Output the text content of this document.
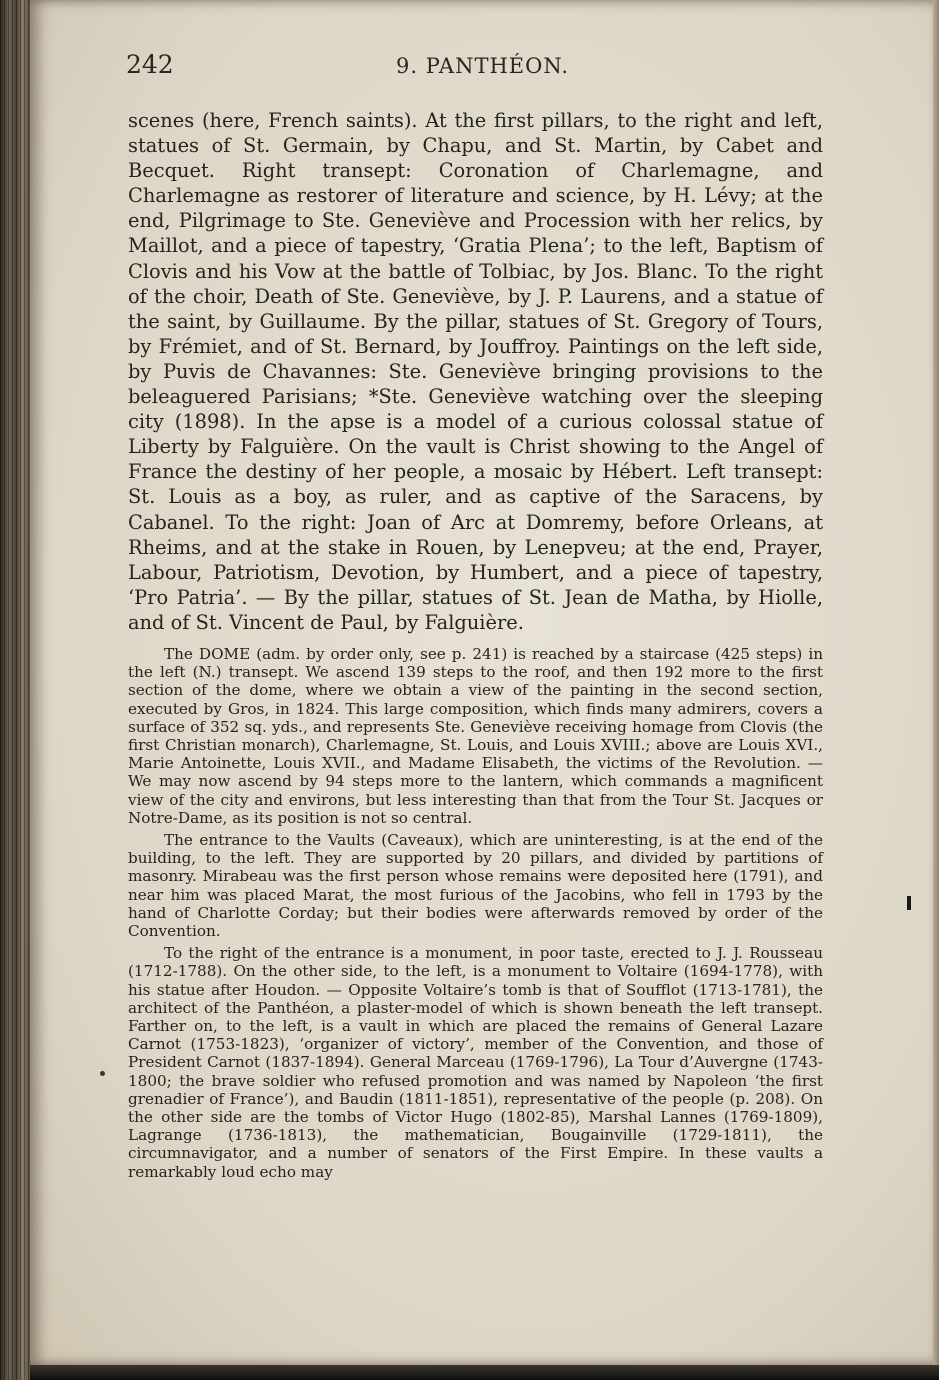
242	9. PANTHÉON.

scenes (here, French saints). At the first pillars, to the right and left, statues of St. Germain, by Chapu, and St. Martin, by Cabet and Becquet. Right transept: Coronation of Charlemagne, and Charlemagne as restorer of literature and science, by H. Lévy; at the end, Pilgrimage to Ste. Geneviève and Procession with her relics, by Maillot, and a piece of tapestry, ‘Gratia Plena’; to the left, Baptism of Clovis and his Vow at the battle of Tolbiac, by Jos. Blanc. To the right of the choir, Death of Ste. Geneviève, by J. P. Laurens, and a statue of the saint, by Guillaume. By the pillar, statues of St. Gregory of Tours, by Frémiet, and of St. Bernard, by Jouffroy. Paintings on the left side, by Puvis de Chavannes: Ste. Geneviève bringing provisions to the beleaguered Parisians; *Ste. Geneviève watching over the sleeping city (1898). In the apse is a model of a curious colossal statue of Liberty by Falguière. On the vault is Christ showing to the Angel of France the destiny of her people, a mosaic by Hébert. Left transept: St. Louis as a boy, as ruler, and as captive of the Saracens, by Cabanel. To the right: Joan of Arc at Domremy, before Orleans, at Rheims, and at the stake in Rouen, by Lenepveu; at the end, Prayer, Labour, Patriotism, Devotion, by Humbert, and a piece of tapestry, ‘Pro Patria’. — By the pillar, statues of St. Jean de Matha, by Hiolle, and of St. Vincent de Paul, by Falguière.

The DOME (adm. by order only, see p. 241) is reached by a staircase (425 steps) in the left (N.) transept. We ascend 139 steps to the roof, and then 192 more to the first section of the dome, where we obtain a view of the painting in the second section, executed by Gros, in 1824. This large composition, which finds many admirers, covers a surface of 352 sq. yds., and represents Ste. Geneviève receiving homage from Clovis (the first Christian monarch), Charlemagne, St. Louis, and Louis XVIII.; above are Louis XVI., Marie Antoinette, Louis XVII., and Madame Elisabeth, the victims of the Revolution. — We may now ascend by 94 steps more to the lantern, which commands a magnificent view of the city and environs, but less interesting than that from the Tour St. Jacques or Notre-Dame, as its position is not so central.

The entrance to the Vaults (Caveaux), which are uninteresting, is at the end of the building, to the left. They are supported by 20 pillars, and divided by partitions of masonry. Mirabeau was the first person whose remains were deposited here (1791), and near him was placed Marat, the most furious of the Jacobins, who fell in 1793 by the hand of Charlotte Corday; but their bodies were afterwards removed by order of the Convention.

To the right of the entrance is a monument, in poor taste, erected to J. J. Rousseau (1712-1788). On the other side, to the left, is a monument to Voltaire (1694-1778), with his statue after Houdon. — Opposite Voltaire’s tomb is that of Soufflot (1713-1781), the architect of the Panthéon, a plaster-model of which is shown beneath the left transept. Farther on, to the left, is a vault in which are placed the remains of General Lazare Carnot (1753-1823), ‘organizer of victory’, member of the Convention, and those of President Carnot (1837-1894). General Marceau (1769-1796), La Tour d’Auvergne (1743-1800; the brave soldier who refused promotion and was named by Napoleon ‘the first grenadier of France’), and Baudin (1811-1851), representative of the people (p. 208). On the other side are the tombs of Victor Hugo (1802-85), Marshal Lannes (1769-1809), Lagrange (1736-1813), the mathematician, Bougainville (1729-1811), the circumnavigator, and a number of senators of the First Empire. In these vaults a remarkably loud echo may
